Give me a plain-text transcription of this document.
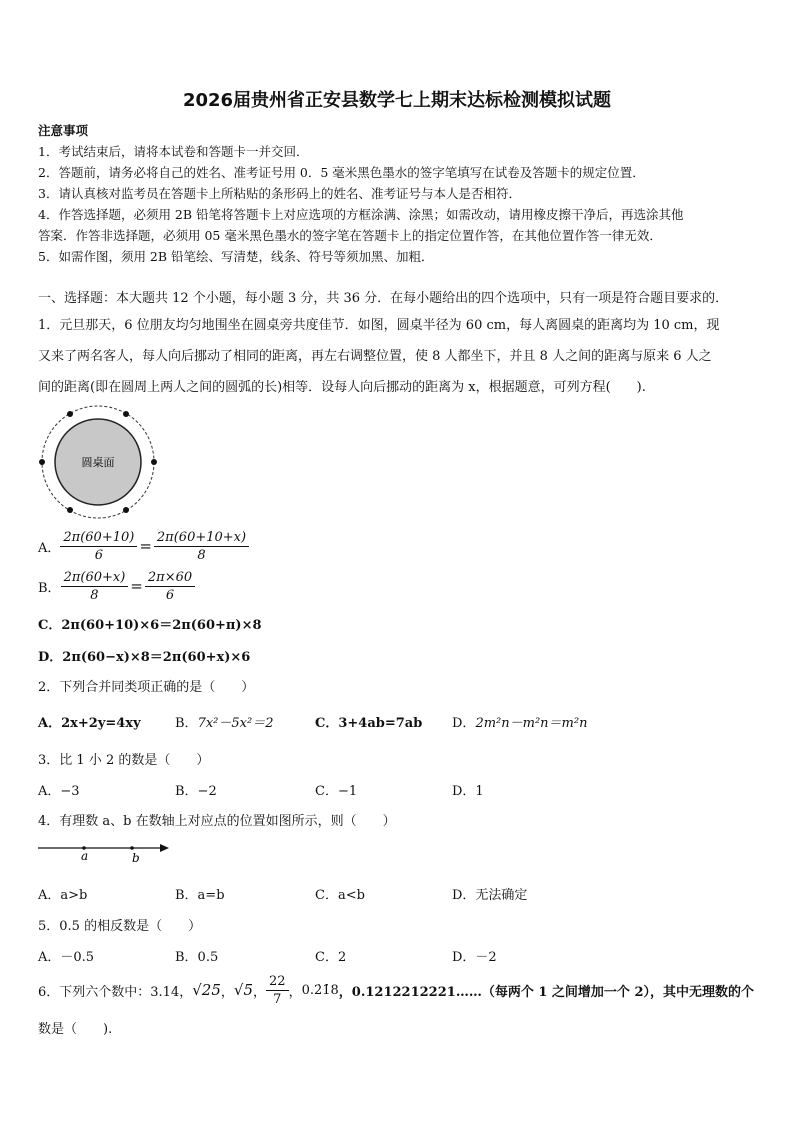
2026届贵州省正安县数学七上期末达标检测模拟试题
注意事项
1．考试结束后，请将本试卷和答题卡一并交回．
2．答题前，请务必将自己的姓名、准考证号用 0．5 毫米黑色墨水的签字笔填写在试卷及答题卡的规定位置．
3．请认真核对监考员在答题卡上所粘贴的条形码上的姓名、准考证号与本人是否相符．
4．作答选择题，必须用 2B 铅笔将答题卡上对应选项的方框涂满、涂黑；如需改动，请用橡皮擦干净后，再选涂其他
答案．作答非选择题，必须用 05 毫米黑色墨水的签字笔在答题卡上的指定位置作答，在其他位置作答一律无效．
5．如需作图，须用 2B 铅笔绘、写清楚，线条、符号等须加黑、加粗．
一、选择题：本大题共 12 个小题，每小题 3 分，共 36 分．在每小题给出的四个选项中，只有一项是符合题目要求的．
1．元旦那天，6 位朋友均匀地围坐在圆桌旁共度佳节．如图，圆桌半径为 60 cm，每人离圆桌的距离均为 10 cm，现
又来了两名客人，每人向后挪动了相同的距离，再左右调整位置，使 8 人都坐下，并且 8 人之间的距离与原来 6 人之
间的距离(即在圆周上两人之间的圆弧的长)相等．设每人向后挪动的距离为 x，根据题意，可列方程(　　).
圆桌面
A． $\frac{2\pi(60+10)}{6} = \frac{2\pi(60+10+x)}{8}$
B． $\frac{2\pi(60+x)}{8} = \frac{2\pi\times 60}{6}$
C．2π(60+10)×6＝2π(60+π)×8
D．2π(60−x)×8＝2π(60+x)×6
2．下列合并同类项正确的是（　　）
A．2x+2y=4xy	B．7x²－5x²＝2	C．3+4ab=7ab D．2m²n－m²n＝m²n
3．比 1 小 2 的数是（　　）
A．−3	B．−2	C．−1	D．1
4．有理数 a、b 在数轴上对应点的位置如图所示，则（　　）
a	b
A．a>b	B．a=b	C．a<b	D．无法确定
5．0.5 的相反数是（　　）
A．－0.5	B．0.5	C．2	D．－2
6．下列六个数中：3.14， √25 ， √5 ， $\frac{22}{7}$ ， 0.2̇1̇8 ，0.1212212221……（每两个 1 之间增加一个 2），其中无理数的个
数是（　　).
